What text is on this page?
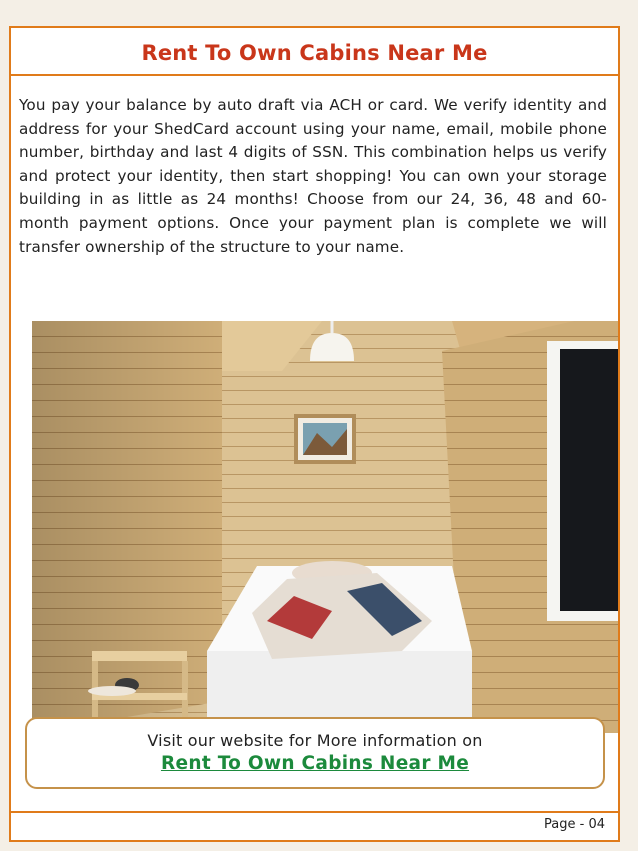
Rent To Own Cabins Near Me
You pay your balance by auto draft via ACH or card. We verify identity and address for your ShedCard account using your name, email, mobile phone number, birthday and last 4 digits of SSN. This combination helps us verify and protect your identity, then start shopping! You can own your storage building in as little as 24 months! Choose from our 24, 36, 48 and 60-month payment options. Once your payment plan is complete we will transfer ownership of the structure to your name.
Visit our website for More information on
Rent To Own Cabins Near Me
Page - 04
